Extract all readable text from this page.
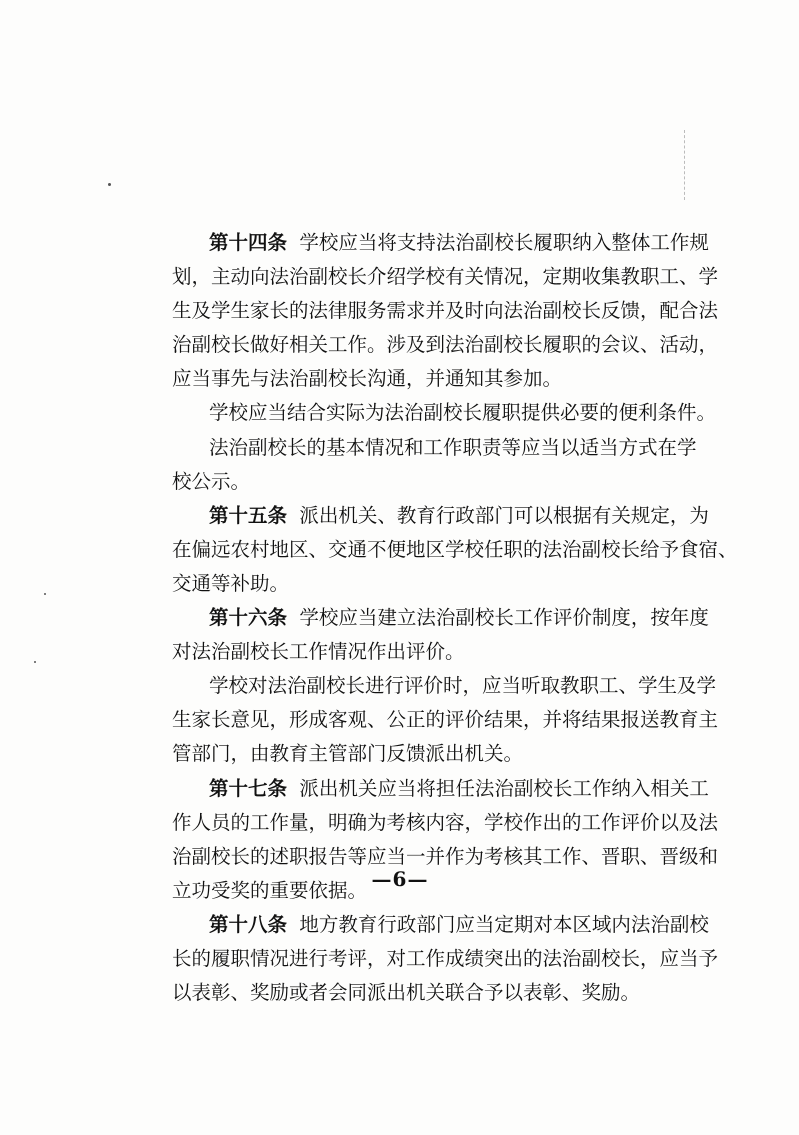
第十四条 学校应当将支持法治副校长履职纳入整体工作规
划，主动向法治副校长介绍学校有关情况，定期收集教职工、学
生及学生家长的法律服务需求并及时向法治副校长反馈，配合法
治副校长做好相关工作。涉及到法治副校长履职的会议、活动，
应当事先与法治副校长沟通，并通知其参加。
学校应当结合实际为法治副校长履职提供必要的便利条件。
法治副校长的基本情况和工作职责等应当以适当方式在学
校公示。
第十五条 派出机关、教育行政部门可以根据有关规定，为
在偏远农村地区、交通不便地区学校任职的法治副校长给予食宿、
交通等补助。
第十六条 学校应当建立法治副校长工作评价制度，按年度
对法治副校长工作情况作出评价。
学校对法治副校长进行评价时，应当听取教职工、学生及学
生家长意见，形成客观、公正的评价结果，并将结果报送教育主
管部门，由教育主管部门反馈派出机关。
第十七条 派出机关应当将担任法治副校长工作纳入相关工
作人员的工作量，明确为考核内容，学校作出的工作评价以及法
治副校长的述职报告等应当一并作为考核其工作、晋职、晋级和
立功受奖的重要依据。
第十八条 地方教育行政部门应当定期对本区域内法治副校
长的履职情况进行考评，对工作成绩突出的法治副校长，应当予
以表彰、奖励或者会同派出机关联合予以表彰、奖励。
—6—
